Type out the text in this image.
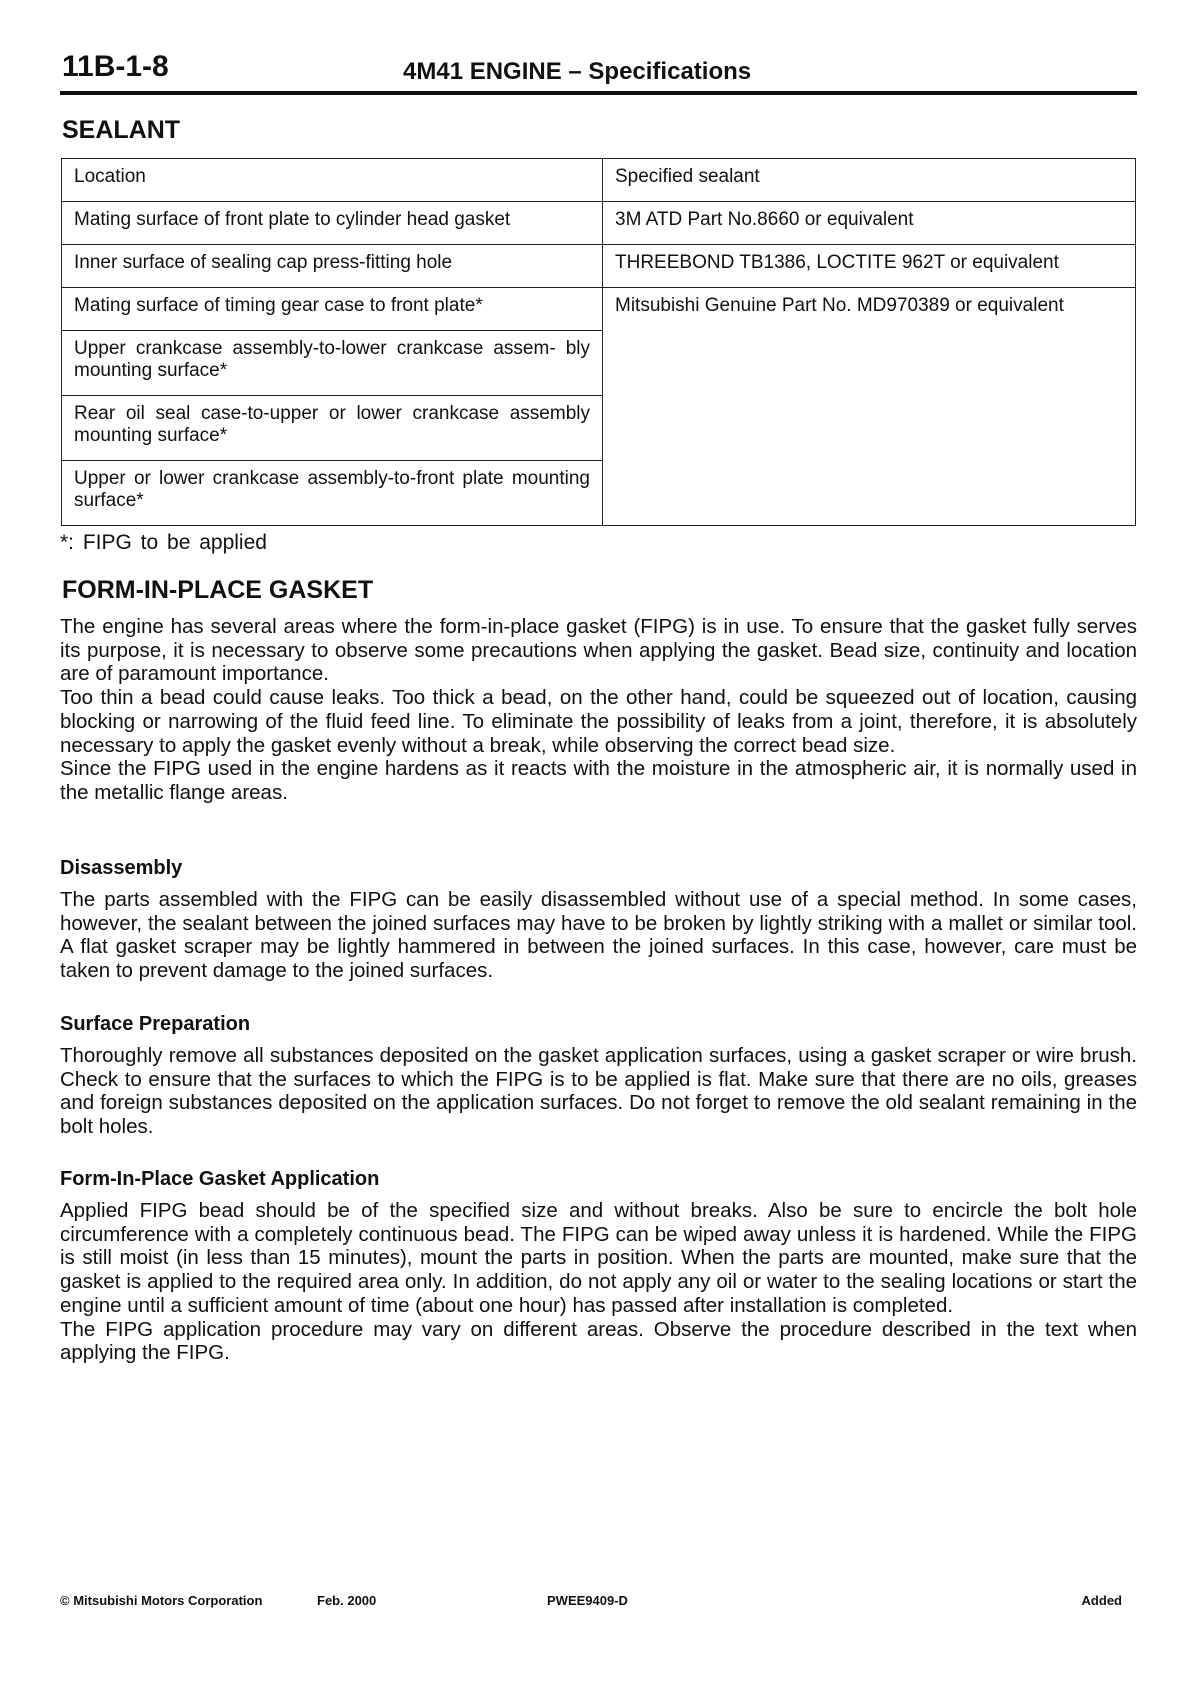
11B-1-8	4M41 ENGINE – Specifications
SEALANT
Location	Specified sealant
Mating surface of front plate to cylinder head gasket	3M ATD Part No.8660 or equivalent
Inner surface of sealing cap press-fitting hole	THREEBOND TB1386, LOCTITE 962T or equivalent
Mating surface of timing gear case to front plate*	Mitsubishi Genuine Part No. MD970389 or equivalent
Upper crankcase assembly-to-lower crankcase assem- bly mounting surface*	
Rear oil seal case-to-upper or lower crankcase assembly mounting surface*	
Upper or lower crankcase assembly-to-front plate mounting surface*	
*: FIPG to be applied
FORM-IN-PLACE GASKET
The engine has several areas where the form-in-place gasket (FIPG) is in use. To ensure that the gasket fully serves its purpose, it is necessary to observe some precautions when applying the gasket. Bead size, continuity and location are of paramount importance.
Too thin a bead could cause leaks. Too thick a bead, on the other hand, could be squeezed out of location, causing blocking or narrowing of the fluid feed line. To eliminate the possibility of leaks from a joint, therefore, it is absolutely necessary to apply the gasket evenly without a break, while observing the correct bead size.
Since the FIPG used in the engine hardens as it reacts with the moisture in the atmospheric air, it is normally used in the metallic flange areas.
Disassembly
The parts assembled with the FIPG can be easily disassembled without use of a special method. In some cases, however, the sealant between the joined surfaces may have to be broken by lightly striking with a mallet or similar tool. A flat gasket scraper may be lightly hammered in between the joined surfaces. In this case, however, care must be taken to prevent damage to the joined surfaces.
Surface Preparation
Thoroughly remove all substances deposited on the gasket application surfaces, using a gasket scraper or wire brush. Check to ensure that the surfaces to which the FIPG is to be applied is flat. Make sure that there are no oils, greases and foreign substances deposited on the application surfaces. Do not forget to remove the old sealant remaining in the bolt holes.
Form-In-Place Gasket Application
Applied FIPG bead should be of the specified size and without breaks. Also be sure to encircle the bolt hole circumference with a completely continuous bead. The FIPG can be wiped away unless it is hardened. While the FIPG is still moist (in less than 15 minutes), mount the parts in position. When the parts are mounted, make sure that the gasket is applied to the required area only. In addition, do not apply any oil or water to the sealing locations or start the engine until a sufficient amount of time (about one hour) has passed after installation is completed.
The FIPG application procedure may vary on different areas. Observe the procedure described in the text when applying the FIPG.
© Mitsubishi Motors Corporation	Feb. 2000	PWEE9409-D	Added
